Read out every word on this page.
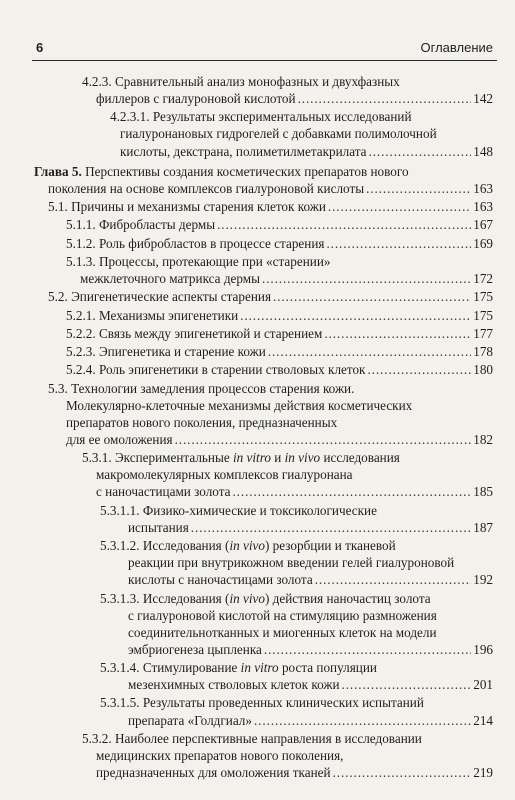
6	Оглавление
4.2.3. Сравнительный анализ монофазных и двухфазных
филлеров с гиалуроновой кислотой . . .	142
4.2.3.1. Результаты экспериментальных исследований
гиалуронановых гидрогелей с добавками полимолочной
кислоты, декстрана, полиметилметакрилата . . .	148
Глава 5. Перспективы создания косметических препаратов нового
поколения на основе комплексов гиалуроновой кислоты . . .	163
5.1. Причины и механизмы старения клеток кожи . . .	163
5.1.1. Фибробласты дермы . . .	167
5.1.2. Роль фибробластов в процессе старения . . .	169
5.1.3. Процессы, протекающие при «старении»
межклеточного матрикса дермы . . .	172
5.2. Эпигенетические аспекты старения . . .	175
5.2.1. Механизмы эпигенетики . . .	175
5.2.2. Связь между эпигенетикой и старением . . .	177
5.2.3. Эпигенетика и старение кожи . . .	178
5.2.4. Роль эпигенетики в старении стволовых клеток . . .	180
5.3. Технологии замедления процессов старения кожи.
Молекулярно-клеточные механизмы действия косметических
препаратов нового поколения, предназначенных
для ее омоложения . . .	182
5.3.1. Экспериментальные in vitro и in vivo исследования
макромолекулярных комплексов гиалуронана
с наночастицами золота . . .	185
5.3.1.1. Физико-химические и токсикологические
испытания . . .	187
5.3.1.2. Исследования (in vivo) резорбции и тканевой
реакции при внутрикожном введении гелей гиалуроновой
кислоты с наночастицами золота . . .	192
5.3.1.3. Исследования (in vivo) действия наночастиц золота
с гиалуроновой кислотой на стимуляцию размножения
соединительнотканных и миогенных клеток на модели
эмбриогенеза цыпленка . . .	196
5.3.1.4. Стимулирование in vitro роста популяции
мезенхимных стволовых клеток кожи . . .	201
5.3.1.5. Результаты проведенных клинических испытаний
препарата «Голдгиал» . . .	214
5.3.2. Наиболее перспективные направления в исследовании
медицинских препаратов нового поколения,
предназначенных для омоложения тканей . . .	219
